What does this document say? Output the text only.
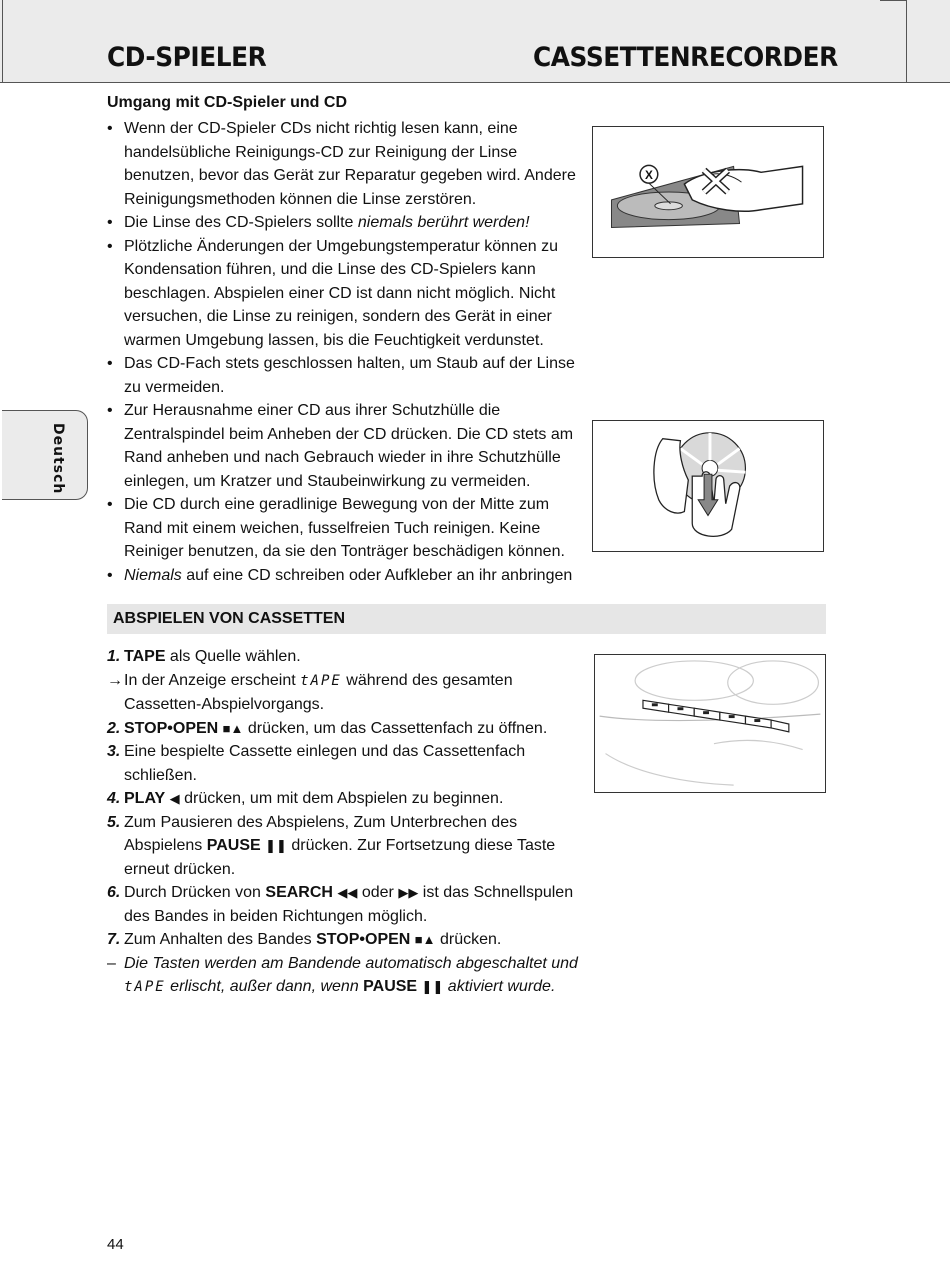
CD-SPIELER	CASSETTENRECORDER
Deutsch
Umgang mit CD-Spieler und CD
• Wenn der CD-Spieler CDs nicht richtig lesen kann, eine handelsübliche Reinigungs-CD zur Reinigung der Linse benutzen, bevor das Gerät zur Reparatur gegeben wird. Andere Reinigungsmethoden können die Linse zerstören.
• Die Linse des CD-Spielers sollte niemals berührt werden!
• Plötzliche Änderungen der Umgebungstemperatur können zu Kondensation führen, und die Linse des CD-Spielers kann beschlagen. Abspielen einer CD ist dann nicht möglich. Nicht versuchen, die Linse zu reinigen, sondern des Gerät in einer warmen Umgebung lassen, bis die Feuchtigkeit verdunstet.
• Das CD-Fach stets geschlossen halten, um Staub auf der Linse zu vermeiden.
• Zur Herausnahme einer CD aus ihrer Schutzhülle die Zentralspindel beim Anheben der CD drücken. Die CD stets am Rand anheben und nach Gebrauch wieder in ihre Schutzhülle einlegen, um Kratzer und Staubeinwirkung zu vermeiden.
• Die CD durch eine geradlinige Bewegung von der Mitte zum Rand mit einem weichen, fusselfreien Tuch reinigen. Keine Reiniger benutzen, da sie den Tonträger beschädigen können.
• Niemals auf eine CD schreiben oder Aufkleber an ihr anbringen
X
ABSPIELEN VON CASSETTEN
1. TAPE als Quelle wählen.
→ In der Anzeige erscheint tAPE während des gesamten Cassetten-Abspielvorgangs.
2. STOP•OPEN ■▲ drücken, um das Cassettenfach zu öffnen.
3. Eine bespielte Cassette einlegen und das Cassettenfach schließen.
4. PLAY ◀ drücken, um mit dem Abspielen zu beginnen.
5. Zum Pausieren des Abspielens, Zum Unterbrechen des Abspielens PAUSE ❚❚ drücken. Zur Fortsetzung diese Taste erneut drücken.
6. Durch Drücken von SEARCH ◀◀ oder ▶▶ ist das Schnellspulen des Bandes in beiden Richtungen möglich.
7. Zum Anhalten des Bandes STOP•OPEN ■▲ drücken.
– Die Tasten werden am Bandende automatisch abgeschaltet und tAPE erlischt, außer dann, wenn PAUSE ❚❚ aktiviert wurde.
44
